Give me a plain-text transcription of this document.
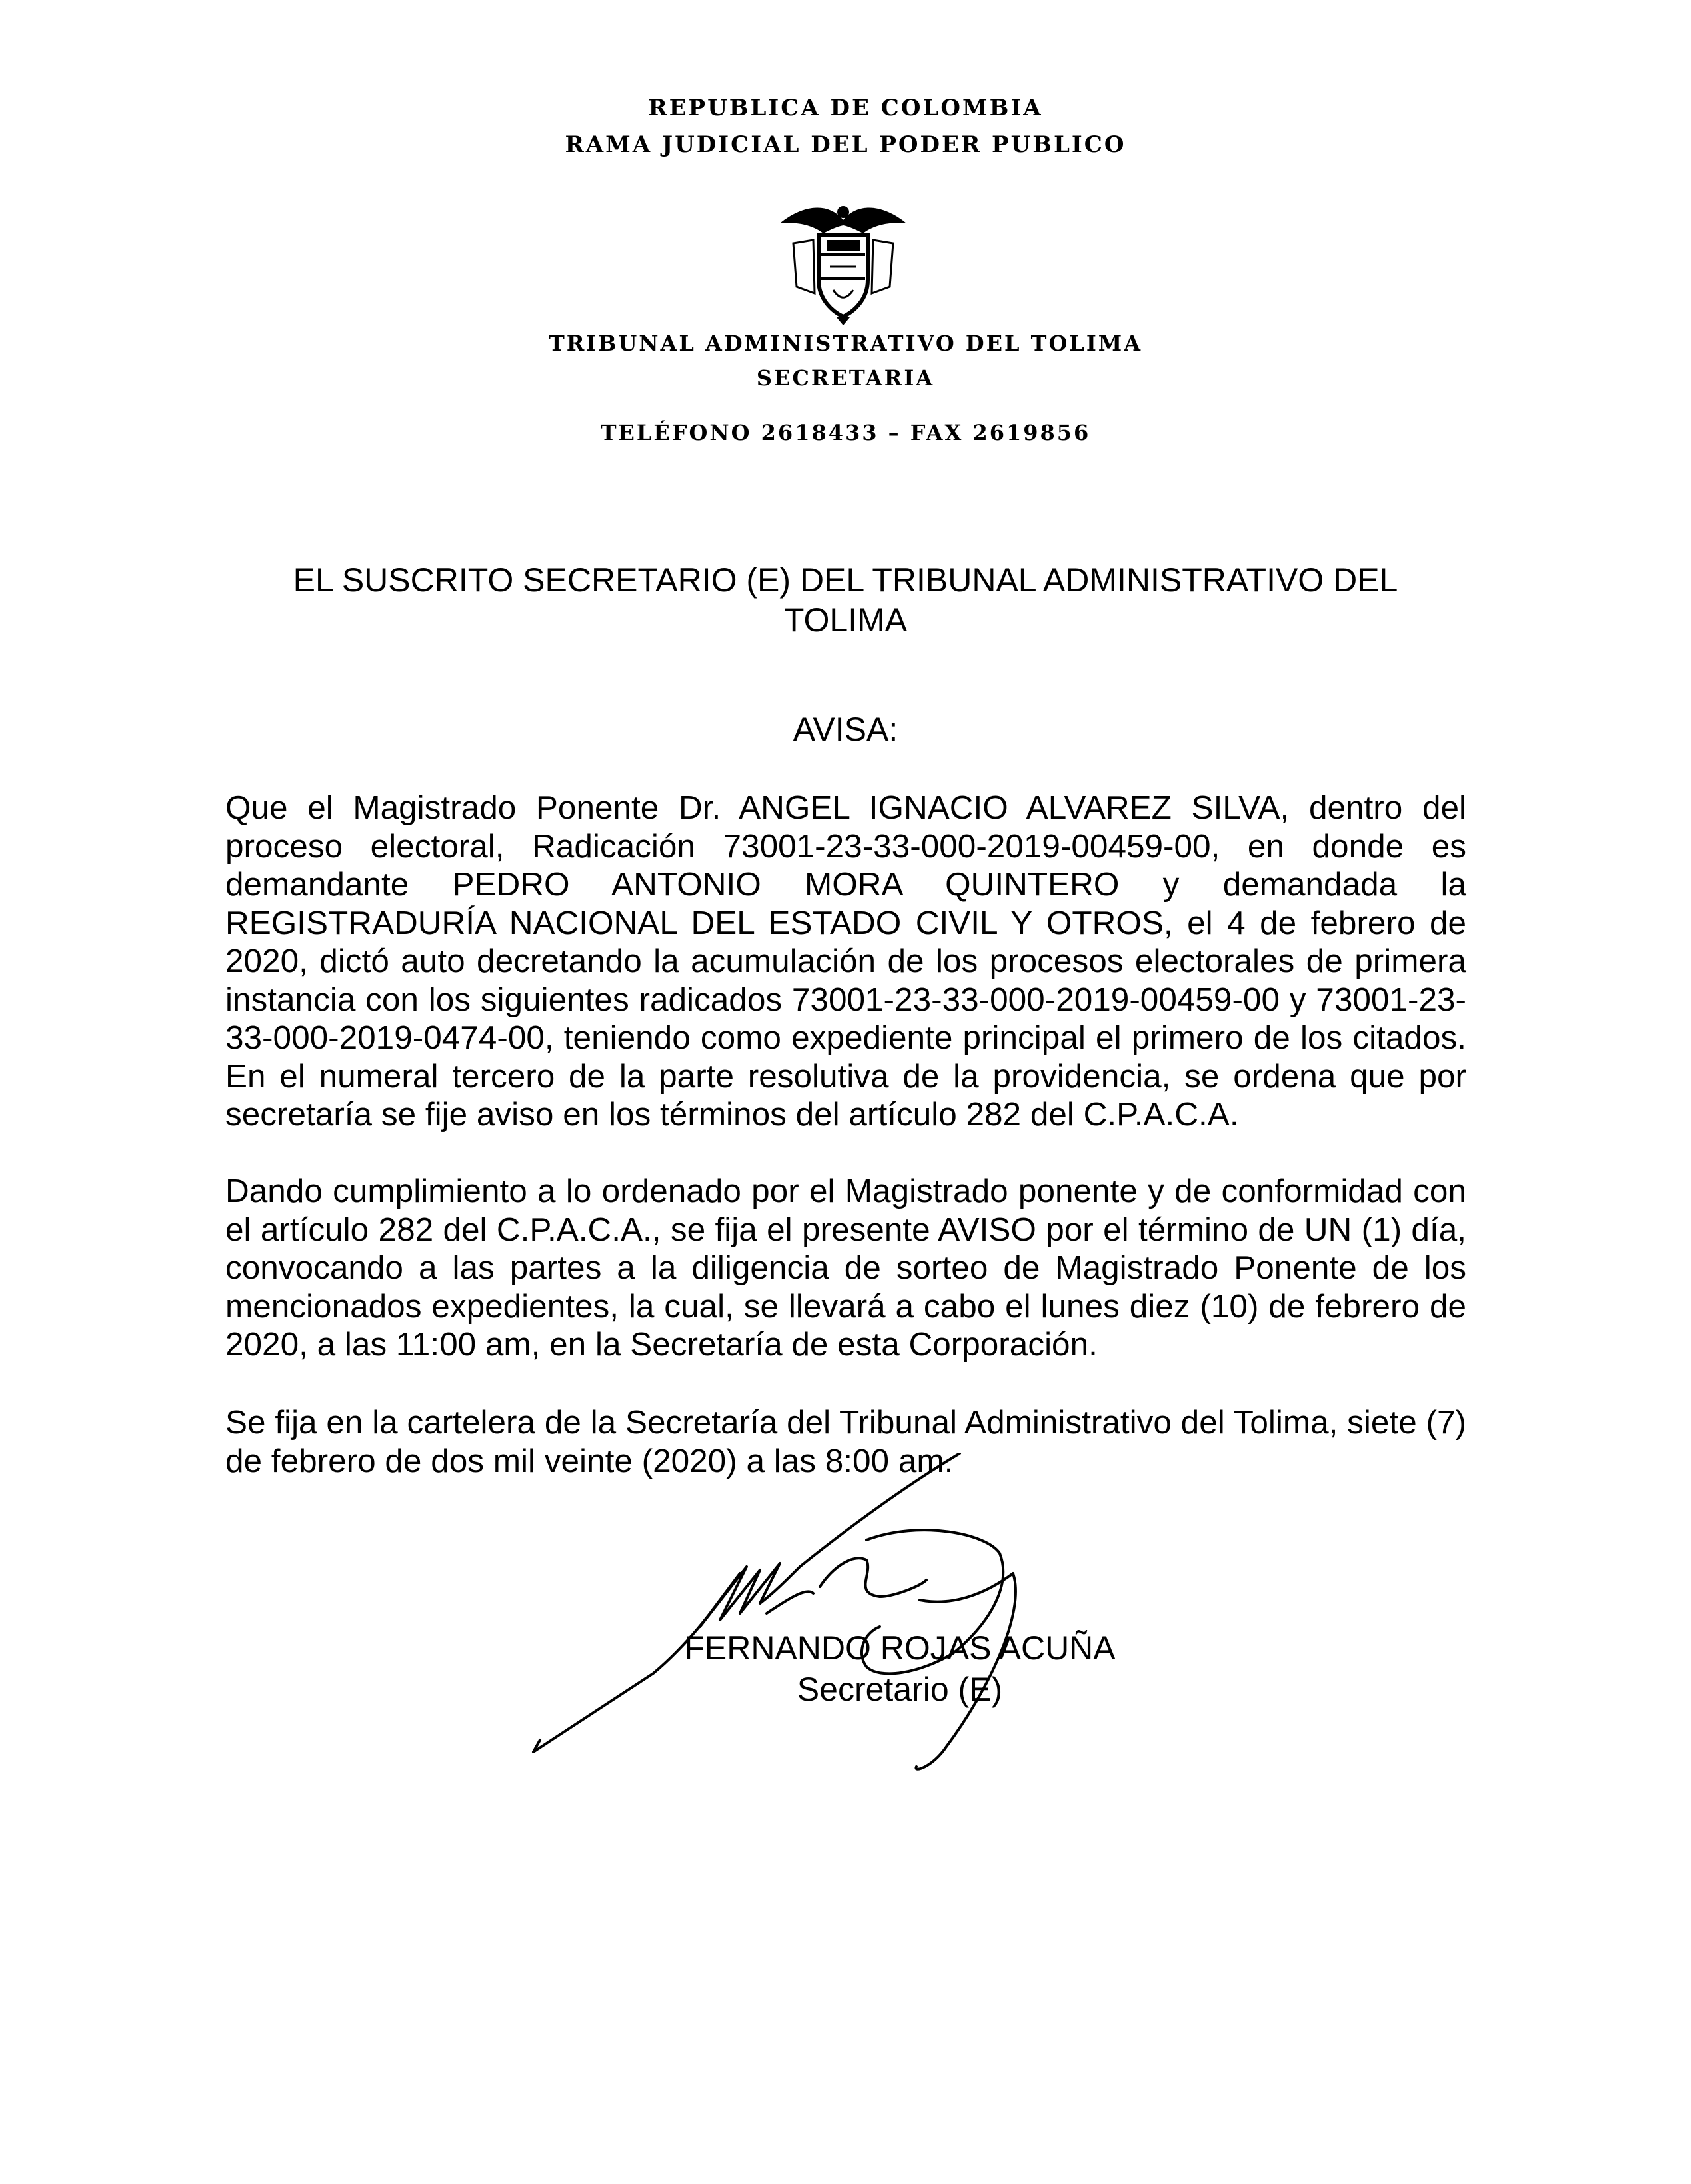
REPUBLICA DE COLOMBIA
RAMA JUDICIAL DEL PODER PUBLICO
TRIBUNAL ADMINISTRATIVO DEL TOLIMA
SECRETARIA
TELÉFONO 2618433 – FAX 2619856
EL SUSCRITO SECRETARIO (E) DEL TRIBUNAL ADMINISTRATIVO DEL
TOLIMA
AVISA:

Que el Magistrado Ponente Dr. ANGEL IGNACIO ALVAREZ SILVA, dentro del proceso electoral, Radicación 73001-23-33-000-2019-00459-00, en donde es demandante PEDRO ANTONIO MORA QUINTERO y demandada la REGISTRADURÍA NACIONAL DEL ESTADO CIVIL Y OTROS, el 4 de febrero de 2020, dictó auto decretando la acumulación de los procesos electorales de primera instancia con los siguientes radicados 73001-23-33-000-2019-00459-00 y 73001-23-33-000-2019-0474-00, teniendo como expediente principal el primero de los citados. En el numeral tercero de la parte resolutiva de la providencia, se ordena que por secretaría se fije aviso en los términos del artículo 282 del C.P.A.C.A.

Dando cumplimiento a lo ordenado por el Magistrado ponente y de conformidad con el artículo 282 del C.P.A.C.A., se fija el presente AVISO por el término de UN (1) día, convocando a las partes a la diligencia de sorteo de Magistrado Ponente de los mencionados expedientes, la cual, se llevará a cabo el lunes diez (10) de febrero de 2020, a las 11:00 am, en la Secretaría de esta Corporación.

Se fija en la cartelera de la Secretaría del Tribunal Administrativo del Tolima, siete (7) de febrero de dos mil veinte (2020) a las 8:00 am.

FERNANDO ROJAS ACUÑA
Secretario (E)
